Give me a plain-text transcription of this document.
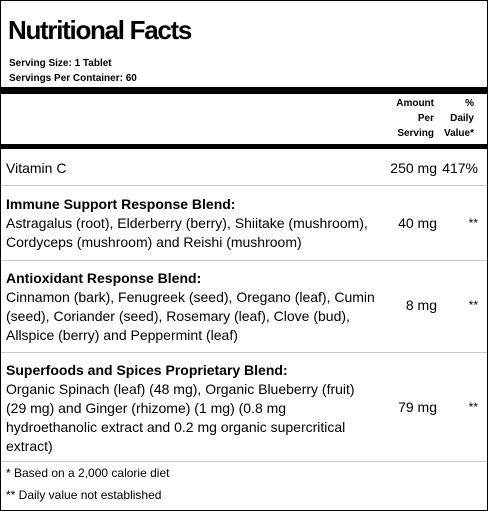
Nutritional Facts
Serving Size: 1 Tablet
Servings Per Container: 60
Amount
Per
Serving
%
Daily
Value*
Vitamin C	250 mg 417%
Immune Support Response Blend:
Astragalus (root), Elderberry (berry), Shiitake (mushroom),
Cordyceps (mushroom) and Reishi (mushroom)
40 mg	**
Antioxidant Response Blend:
Cinnamon (bark), Fenugreek (seed), Oregano (leaf), Cumin
(seed), Coriander (seed), Rosemary (leaf), Clove (bud),
Allspice (berry) and Peppermint (leaf)
8 mg	**
Superfoods and Spices Proprietary Blend:
Organic Spinach (leaf) (48 mg), Organic Blueberry (fruit)
(29 mg) and Ginger (rhizome) (1 mg) (0.8 mg
hydroethanolic extract and 0.2 mg organic supercritical
extract)
79 mg	**
* Based on a 2,000 calorie diet
** Daily value not established
